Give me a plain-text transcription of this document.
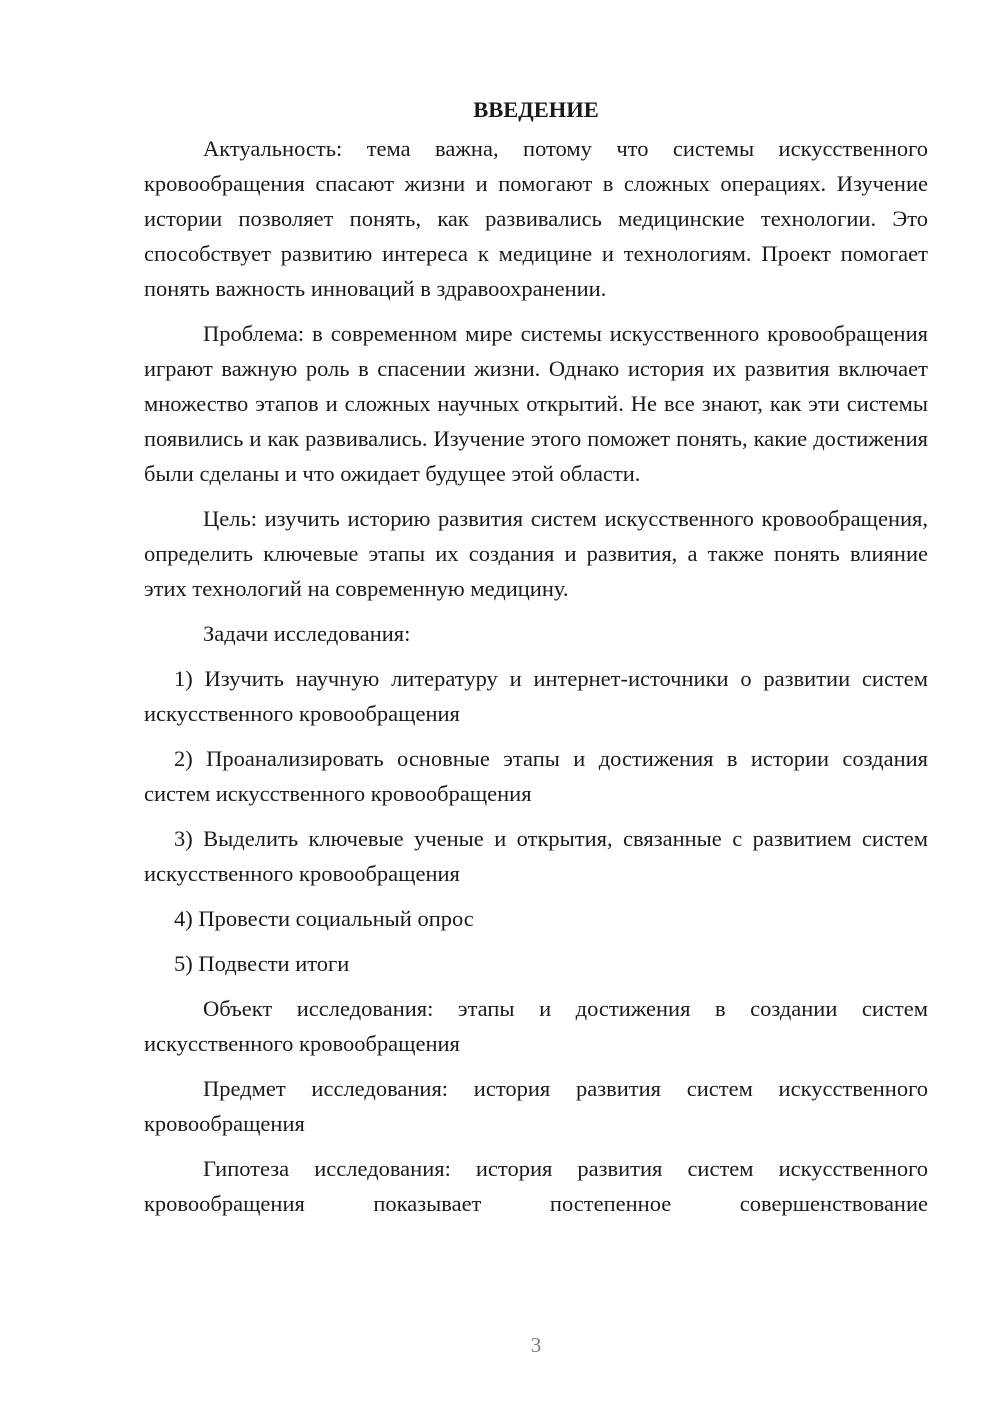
ВВЕДЕНИЕ

Актуальность: тема важна, потому что системы искусственного кровообращения спасают жизни и помогают в сложных операциях. Изучение истории позволяет понять, как развивались медицинские технологии. Это способствует развитию интереса к медицине и технологиям. Проект помогает понять важность инноваций в здравоохранении.

Проблема: в современном мире системы искусственного кровообращения играют важную роль в спасении жизни. Однако история их развития включает множество этапов и сложных научных открытий. Не все знают, как эти системы появились и как развивались. Изучение этого поможет понять, какие достижения были сделаны и что ожидает будущее этой области.

Цель: изучить историю развития систем искусственного кровообращения, определить ключевые этапы их создания и развития, а также понять влияние этих технологий на современную медицину.

Задачи исследования:

1) Изучить научную литературу и интернет-источники о развитии систем искусственного кровообращения

2) Проанализировать основные этапы и достижения в истории создания систем искусственного кровообращения

3) Выделить ключевые ученые и открытия, связанные с развитием систем искусственного кровообращения

4) Провести социальный опрос

5) Подвести итоги

Объект исследования: этапы и достижения в создании систем искусственного кровообращения

Предмет исследования: история развития систем искусственного кровообращения

Гипотеза исследования: история развития систем искусственного кровообращения показывает постепенное совершенствование

3
